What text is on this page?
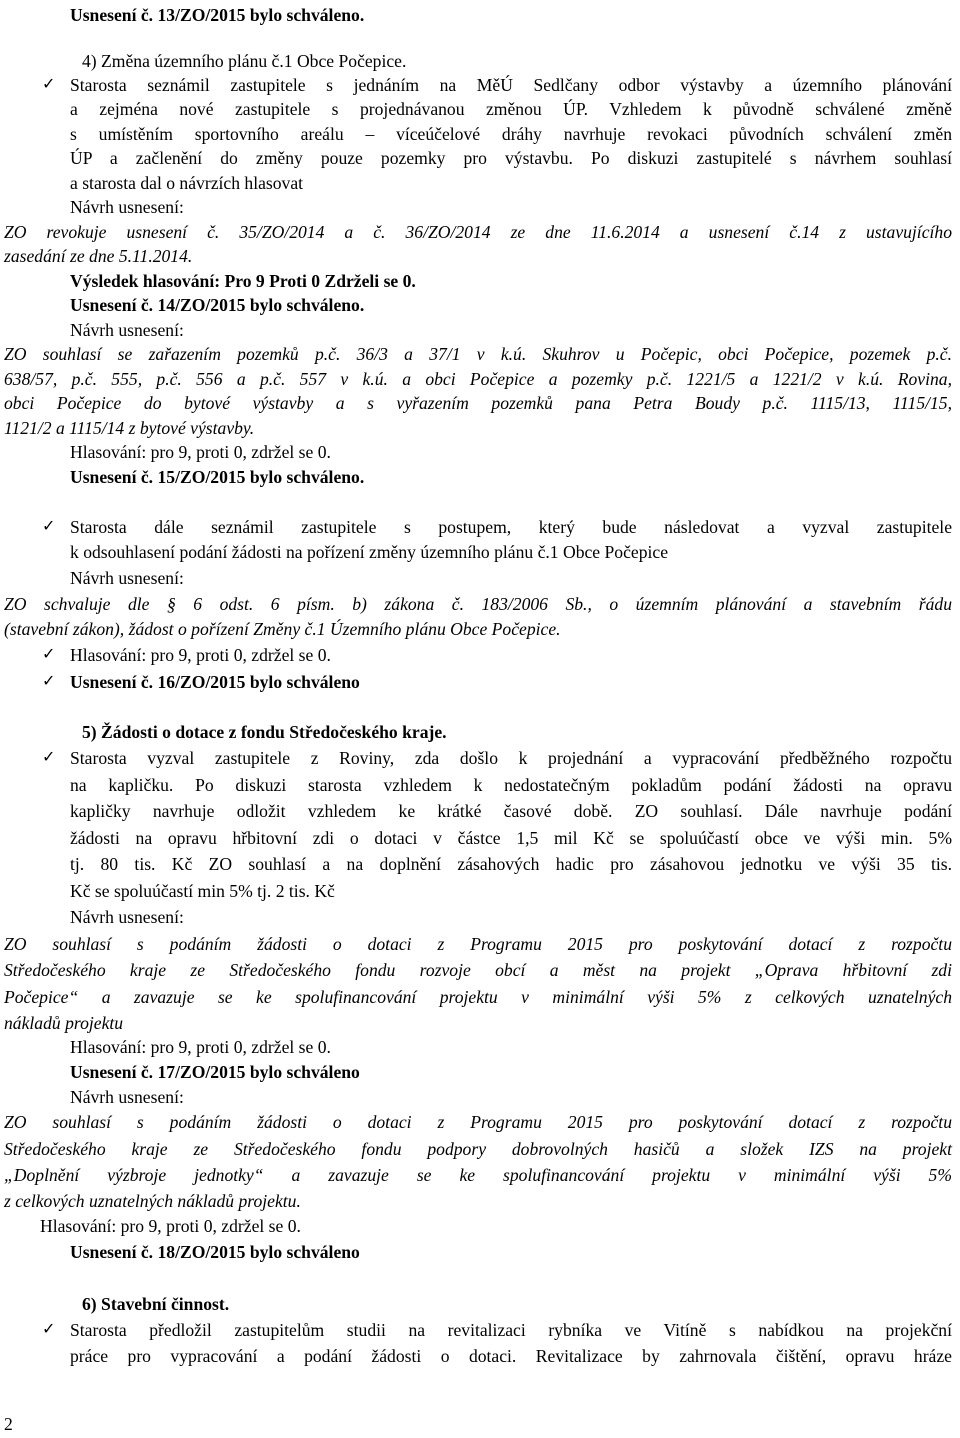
Usnesení č. 13/ZO/2015 bylo schváleno.
4) Změna územního plánu č.1 Obce Počepice.
✓ Starosta seznámil zastupitele s jednáním na MěÚ Sedlčany odbor výstavby a územního plánování
a zejména nové zastupitele s projednávanou změnou ÚP. Vzhledem k původně schválené změně
s umístěním sportovního areálu – víceúčelové dráhy navrhuje revokaci původních schválení změn
ÚP a začlenění do změny pouze pozemky pro výstavbu. Po diskuzi zastupitelé s návrhem souhlasí
a starosta dal o návrzích hlasovat
Návrh usnesení:
ZO revokuje usnesení č. 35/ZO/2014 a č. 36/ZO/2014 ze dne 11.6.2014 a usnesení č.14 z ustavujícího
zasedání ze dne 5.11.2014.
Výsledek hlasování: Pro 9 Proti 0 Zdrželi se 0.
Usnesení č. 14/ZO/2015 bylo schváleno.
Návrh usnesení:
ZO souhlasí se zařazením pozemků p.č. 36/3 a 37/1 v k.ú. Skuhrov u Počepic, obci Počepice, pozemek p.č.
638/57, p.č. 555, p.č. 556 a p.č. 557 v k.ú. a obci Počepice a pozemky p.č. 1221/5 a 1221/2 v k.ú. Rovina,
obci Počepice do bytové výstavby a s vyřazením pozemků pana Petra Boudy p.č. 1115/13, 1115/15,
1121/2 a 1115/14 z bytové výstavby.
Hlasování: pro 9, proti 0, zdržel se 0.
Usnesení č. 15/ZO/2015 bylo schváleno.
✓ Starosta dále seznámil zastupitele s postupem, který bude následovat a vyzval zastupitele
k odsouhlasení podání žádosti na pořízení změny územního plánu č.1 Obce Počepice
Návrh usnesení:
ZO schvaluje dle § 6 odst. 6 písm. b) zákona č. 183/2006 Sb., o územním plánování a stavebním řádu
(stavební zákon), žádost o pořízení Změny č.1 Územního plánu Obce Počepice.
✓ Hlasování: pro 9, proti 0, zdržel se 0.
✓ Usnesení č. 16/ZO/2015 bylo schváleno
5) Žádosti o dotace z fondu Středočeského kraje.
✓ Starosta vyzval zastupitele z Roviny, zda došlo k projednání a vypracování předběžného rozpočtu
na kapličku. Po diskuzi starosta vzhledem k nedostatečným pokladům podání žádosti na opravu
kapličky navrhuje odložit vzhledem ke krátké časové době. ZO souhlasí. Dále navrhuje podání
žádosti na opravu hřbitovní zdi o dotaci v částce 1,5 mil Kč se spoluúčastí obce ve výši min. 5%
tj. 80 tis. Kč ZO souhlasí a na doplnění zásahových hadic pro zásahovou jednotku ve výši 35 tis.
Kč se spoluúčastí min 5% tj. 2 tis. Kč
Návrh usnesení:
ZO souhlasí s podáním žádosti o dotaci z Programu 2015 pro poskytování dotací z rozpočtu
Středočeského kraje ze Středočeského fondu rozvoje obcí a měst na projekt „Oprava hřbitovní zdi
Počepice“ a zavazuje se ke spolufinancování projektu v minimální výši 5% z celkových uznatelných
nákladů projektu
Hlasování: pro 9, proti 0, zdržel se 0.
Usnesení č. 17/ZO/2015 bylo schváleno
Návrh usnesení:
ZO souhlasí s podáním žádosti o dotaci z Programu 2015 pro poskytování dotací z rozpočtu
Středočeského kraje ze Středočeského fondu podpory dobrovolných hasičů a složek IZS na projekt
„Doplnění výzbroje jednotky“ a zavazuje se ke spolufinancování projektu v minimální výši 5%
z celkových uznatelných nákladů projektu.
Hlasování: pro 9, proti 0, zdržel se 0.
Usnesení č. 18/ZO/2015 bylo schváleno
6) Stavební činnost.
✓ Starosta předložil zastupitelům studii na revitalizaci rybníka ve Vitíně s nabídkou na projekční
práce pro vypracování a podání žádosti o dotaci. Revitalizace by zahrnovala čištění, opravu hráze
2
